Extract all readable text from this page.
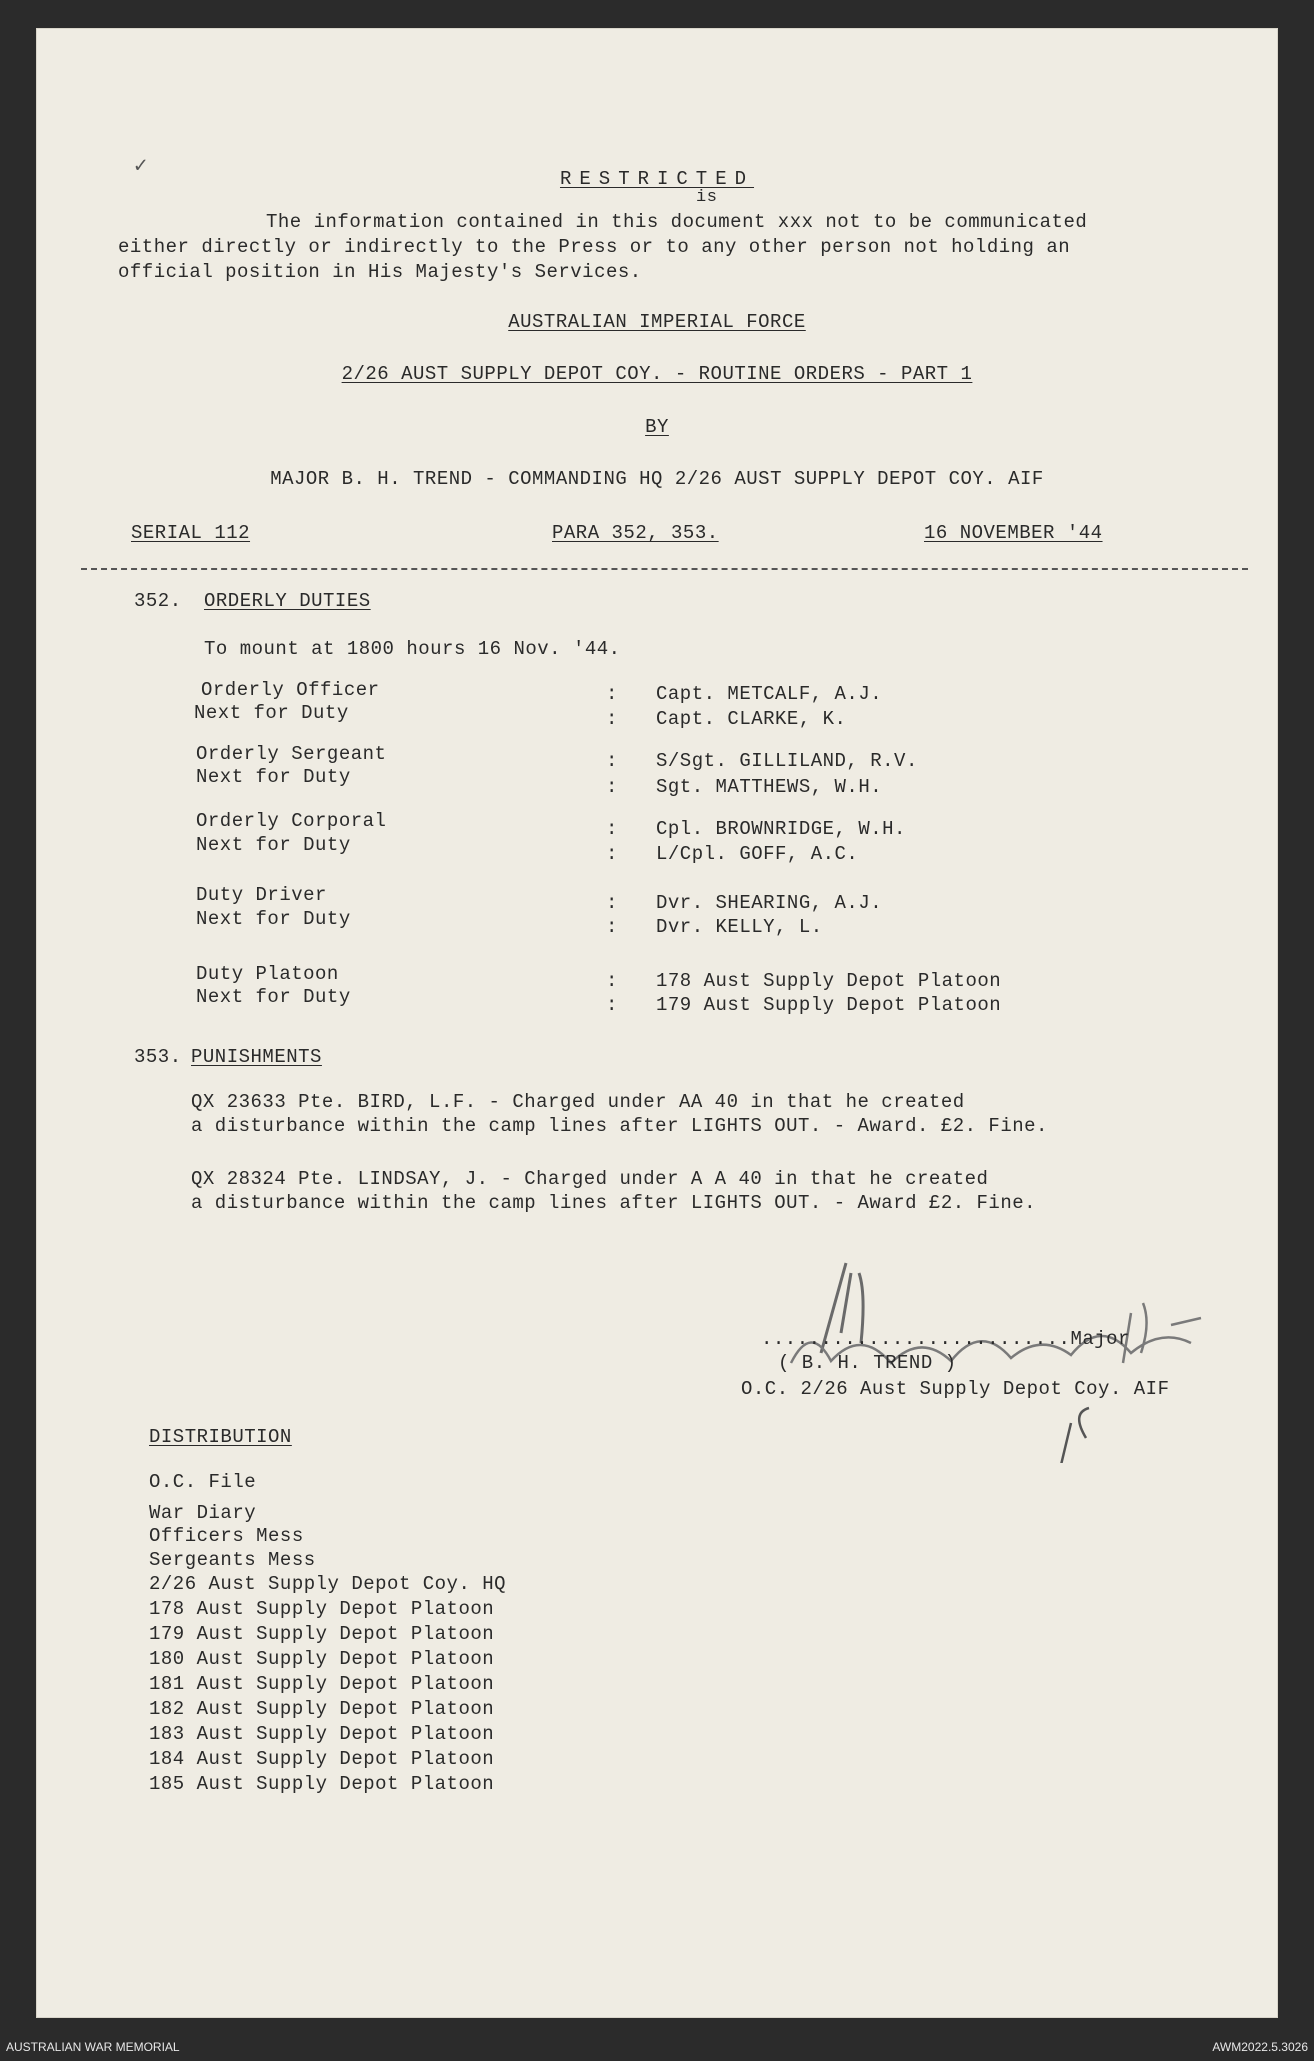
✓	RESTRICTED
is
The information contained in this document xxx not to be communicated
either directly or indirectly to the Press or to any other person not holding an
official position in His Majesty's Services.
AUSTRALIAN IMPERIAL FORCE
2/26 AUST SUPPLY DEPOT COY. - ROUTINE ORDERS - PART 1
BY
MAJOR B. H. TREND - COMMANDING HQ 2/26 AUST SUPPLY DEPOT COY. AIF
SERIAL 112	PARA 352, 353.	16 NOVEMBER '44
352. ORDERLY DUTIES
To mount at 1800 hours 16 Nov. '44.
Orderly Officer	: Capt. METCALF, A.J.
Next for Duty	: Capt. CLARKE, K.
Orderly Sergeant	: S/Sgt. GILLILAND, R.V.
Next for Duty	: Sgt. MATTHEWS, W.H.
Orderly Corporal	: Cpl. BROWNRIDGE, W.H.
Next for Duty	: L/Cpl. GOFF, A.C.
Duty Driver	: Dvr. SHEARING, A.J.
Next for Duty	: Dvr. KELLY, L.
Duty Platoon	: 178 Aust Supply Depot Platoon
Next for Duty	: 179 Aust Supply Depot Platoon
353. PUNISHMENTS
QX 23633 Pte. BIRD, L.F. - Charged under AA 40 in that he created
a disturbance within the camp lines after LIGHTS OUT. - Award. £2. Fine.
QX 28324 Pte. LINDSAY, J. - Charged under A A 40 in that he created
a disturbance within the camp lines after LIGHTS OUT. - Award £2. Fine.
..........................Major
( B. H. TREND )
O.C. 2/26 Aust Supply Depot Coy. AIF
DISTRIBUTION
O.C. File
War Diary
Officers Mess
Sergeants Mess
2/26 Aust Supply Depot Coy. HQ
178 Aust Supply Depot Platoon
179 Aust Supply Depot Platoon
180 Aust Supply Depot Platoon
181 Aust Supply Depot Platoon
182 Aust Supply Depot Platoon
183 Aust Supply Depot Platoon
184 Aust Supply Depot Platoon
185 Aust Supply Depot Platoon
AUSTRALIAN WAR MEMORIAL	AWM2022.5.3026
